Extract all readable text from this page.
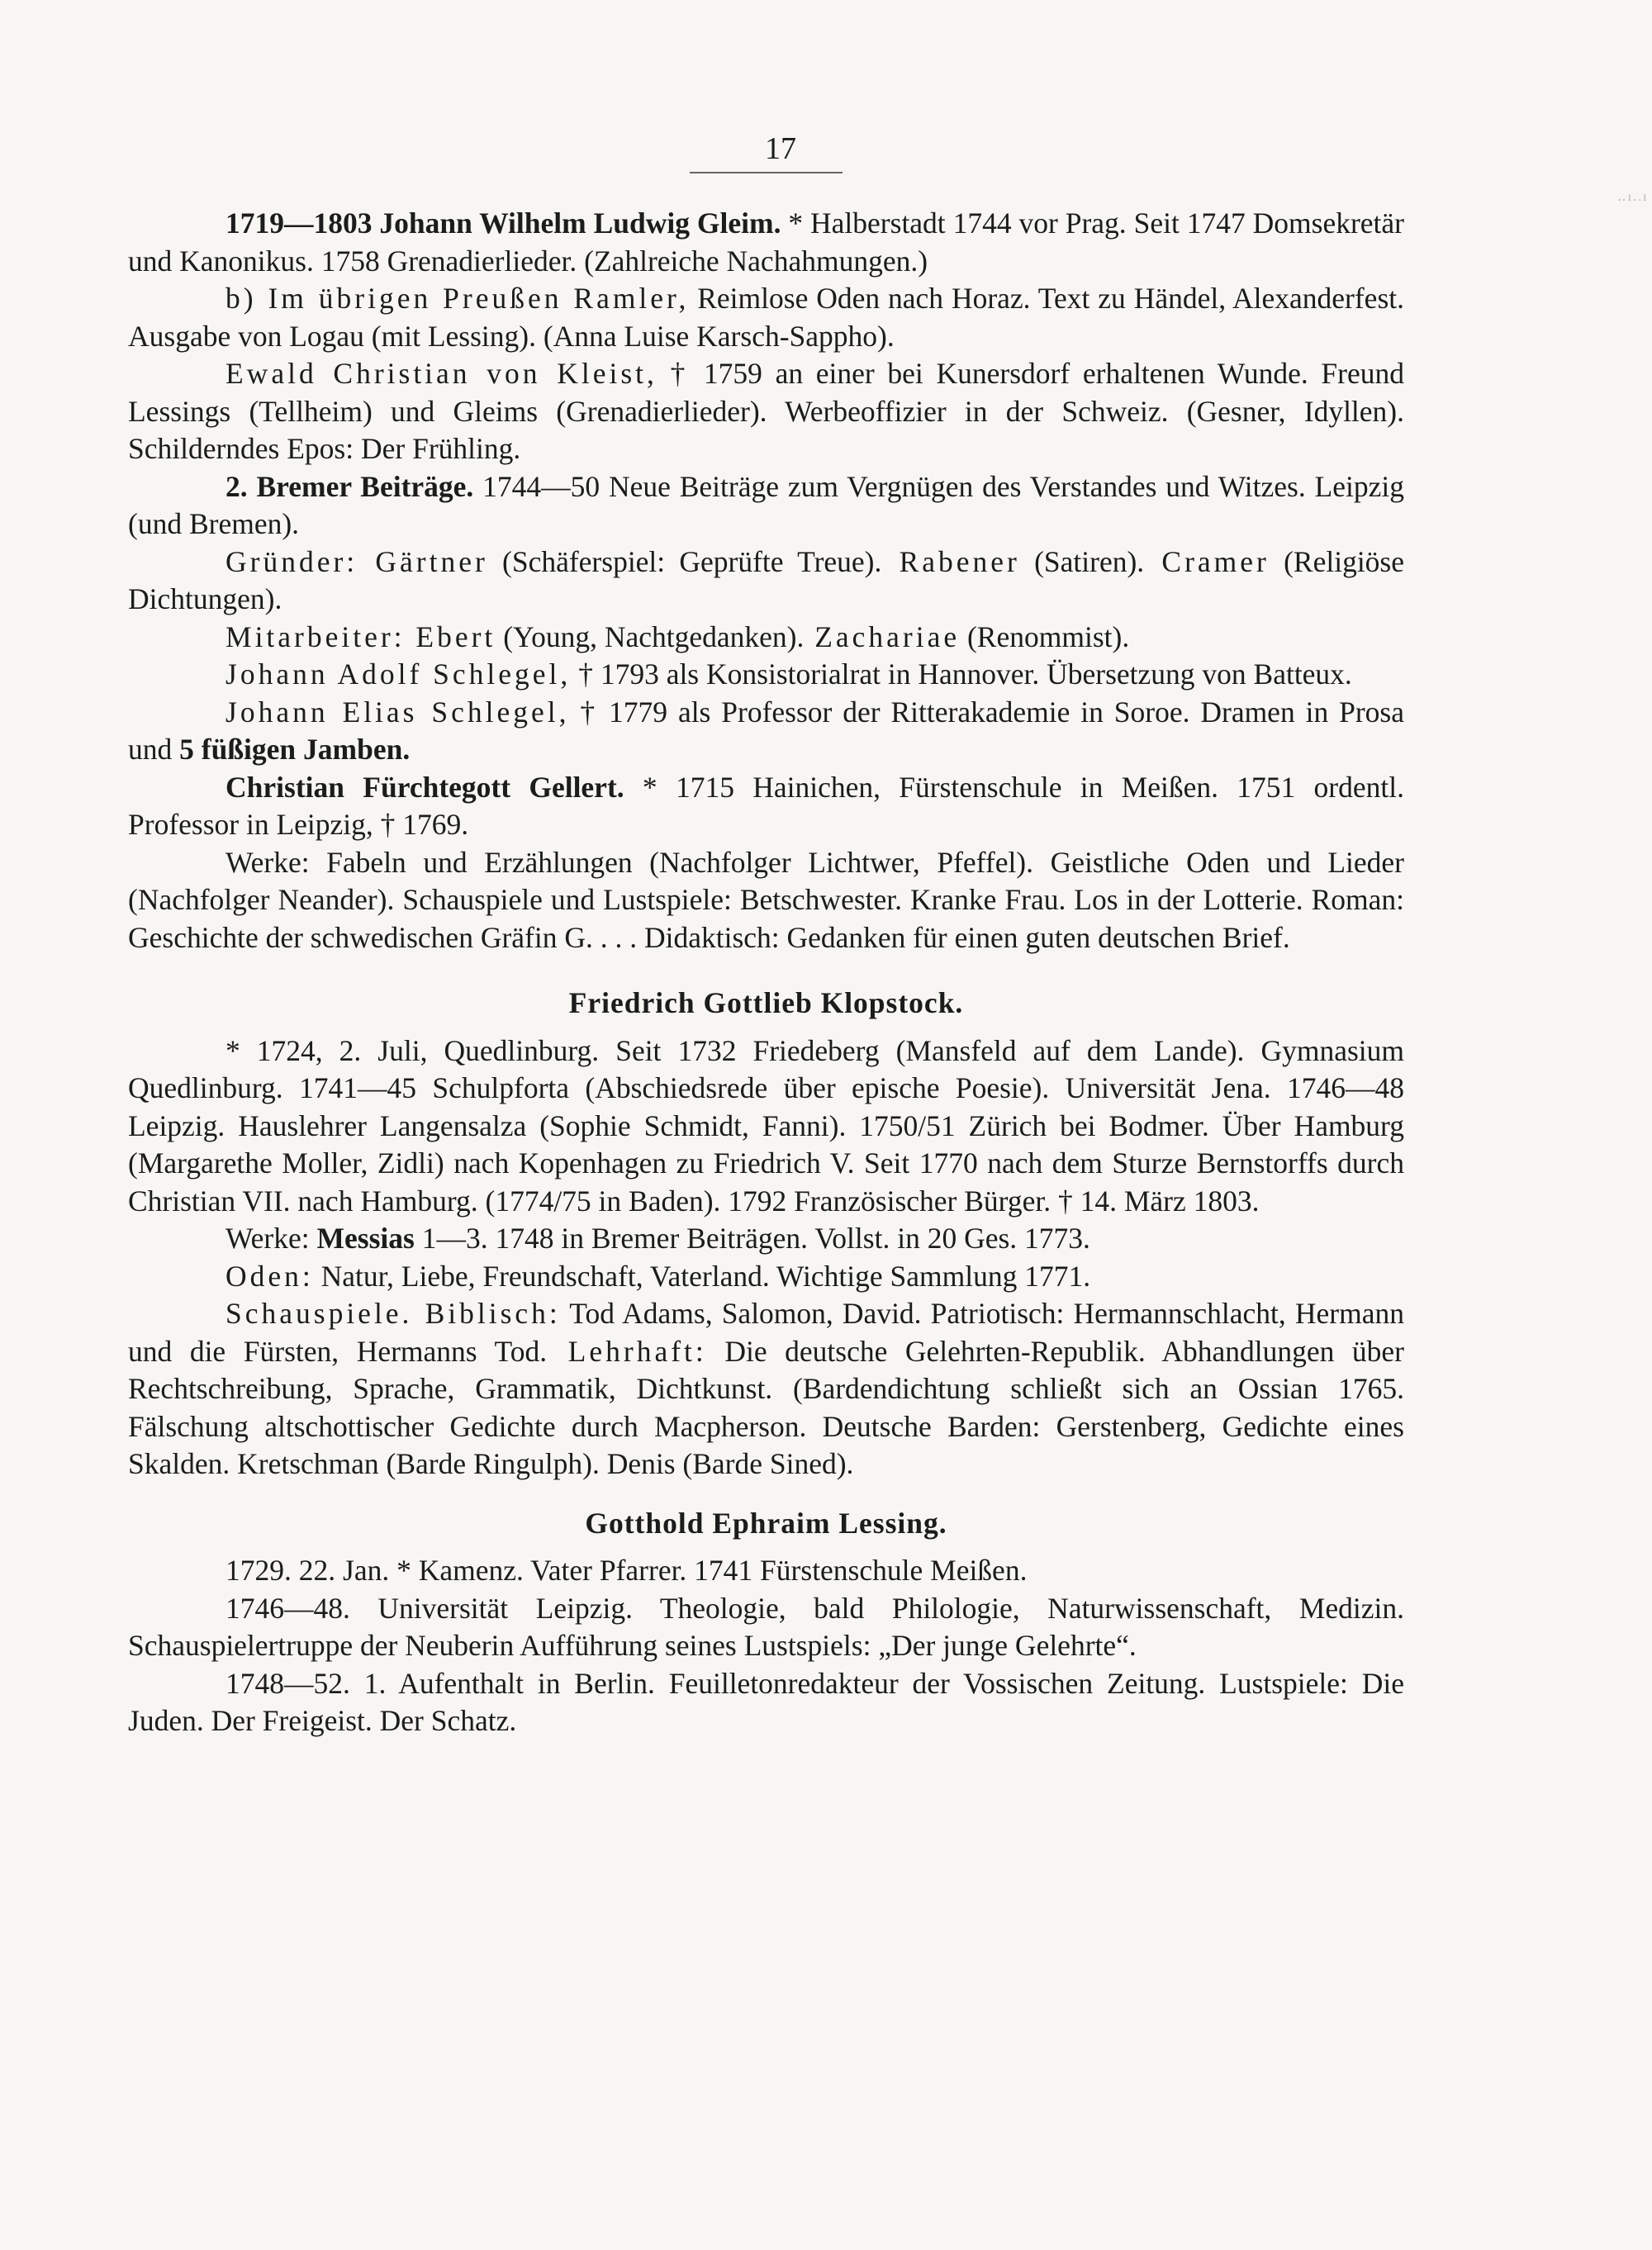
17
‥ı..ı

1719—1803 Johann Wilhelm Ludwig Gleim. * Halberstadt 1744 vor Prag. Seit 1747 Domsekretär und Kanonikus. 1758 Grenadierlieder. (Zahlreiche Nachahmungen.)

b) Im übrigen Preußen Ramler, Reimlose Oden nach Horaz. Text zu Händel, Alexanderfest. Ausgabe von Logau (mit Lessing). (Anna Luise Karsch-Sappho).

Ewald Christian von Kleist, † 1759 an einer bei Kunersdorf erhaltenen Wunde. Freund Lessings (Tellheim) und Gleims (Grenadierlieder). Werbeoffizier in der Schweiz. (Gesner, Idyllen). Schilderndes Epos: Der Frühling.

2. Bremer Beiträge. 1744—50 Neue Beiträge zum Vergnügen des Verstandes und Witzes. Leipzig (und Bremen).

Gründer: Gärtner (Schäferspiel: Geprüfte Treue). Rabener (Satiren). Cramer (Religiöse Dichtungen).

Mitarbeiter: Ebert (Young, Nachtgedanken). Zachariae (Renommist).

Johann Adolf Schlegel, † 1793 als Konsistorialrat in Hannover. Übersetzung von Batteux.

Johann Elias Schlegel, † 1779 als Professor der Ritterakademie in Soroe. Dramen in Prosa und 5 füßigen Jamben.

Christian Fürchtegott Gellert. * 1715 Hainichen, Fürstenschule in Meißen. 1751 ordentl. Professor in Leipzig, † 1769.

Werke: Fabeln und Erzählungen (Nachfolger Lichtwer, Pfeffel). Geistliche Oden und Lieder (Nachfolger Neander). Schauspiele und Lustspiele: Betschwester. Kranke Frau. Los in der Lotterie. Roman: Geschichte der schwedischen Gräfin G. . . . Didaktisch: Gedanken für einen guten deutschen Brief.

Friedrich Gottlieb Klopstock.

* 1724, 2. Juli, Quedlinburg. Seit 1732 Friedeberg (Mansfeld auf dem Lande). Gymnasium Quedlinburg. 1741—45 Schulpforta (Abschiedsrede über epische Poesie). Universität Jena. 1746—48 Leipzig. Hauslehrer Langensalza (Sophie Schmidt, Fanni). 1750/51 Zürich bei Bodmer. Über Hamburg (Margarethe Moller, Zidli) nach Kopenhagen zu Friedrich V. Seit 1770 nach dem Sturze Bernstorffs durch Christian VII. nach Hamburg. (1774/75 in Baden). 1792 Französischer Bürger. † 14. März 1803.

Werke: Messias 1—3. 1748 in Bremer Beiträgen. Vollst. in 20 Ges. 1773.

Oden: Natur, Liebe, Freundschaft, Vaterland. Wichtige Sammlung 1771.

Schauspiele. Biblisch: Tod Adams, Salomon, David. Patriotisch: Hermannschlacht, Hermann und die Fürsten, Hermanns Tod. Lehrhaft: Die deutsche Gelehrten-Republik. Abhandlungen über Rechtschreibung, Sprache, Grammatik, Dichtkunst. (Bardendichtung schließt sich an Ossian 1765. Fälschung altschottischer Gedichte durch Macpherson. Deutsche Barden: Gerstenberg, Gedichte eines Skalden. Kretschman (Barde Ringulph). Denis (Barde Sined).

Gotthold Ephraim Lessing.

1729. 22. Jan. * Kamenz. Vater Pfarrer. 1741 Fürstenschule Meißen.

1746—48. Universität Leipzig. Theologie, bald Philologie, Naturwissenschaft, Medizin. Schauspielertruppe der Neuberin Aufführung seines Lustspiels: „Der junge Gelehrte“.

1748—52. 1. Aufenthalt in Berlin. Feuilletonredakteur der Vossischen Zeitung. Lustspiele: Die Juden. Der Freigeist. Der Schatz.
